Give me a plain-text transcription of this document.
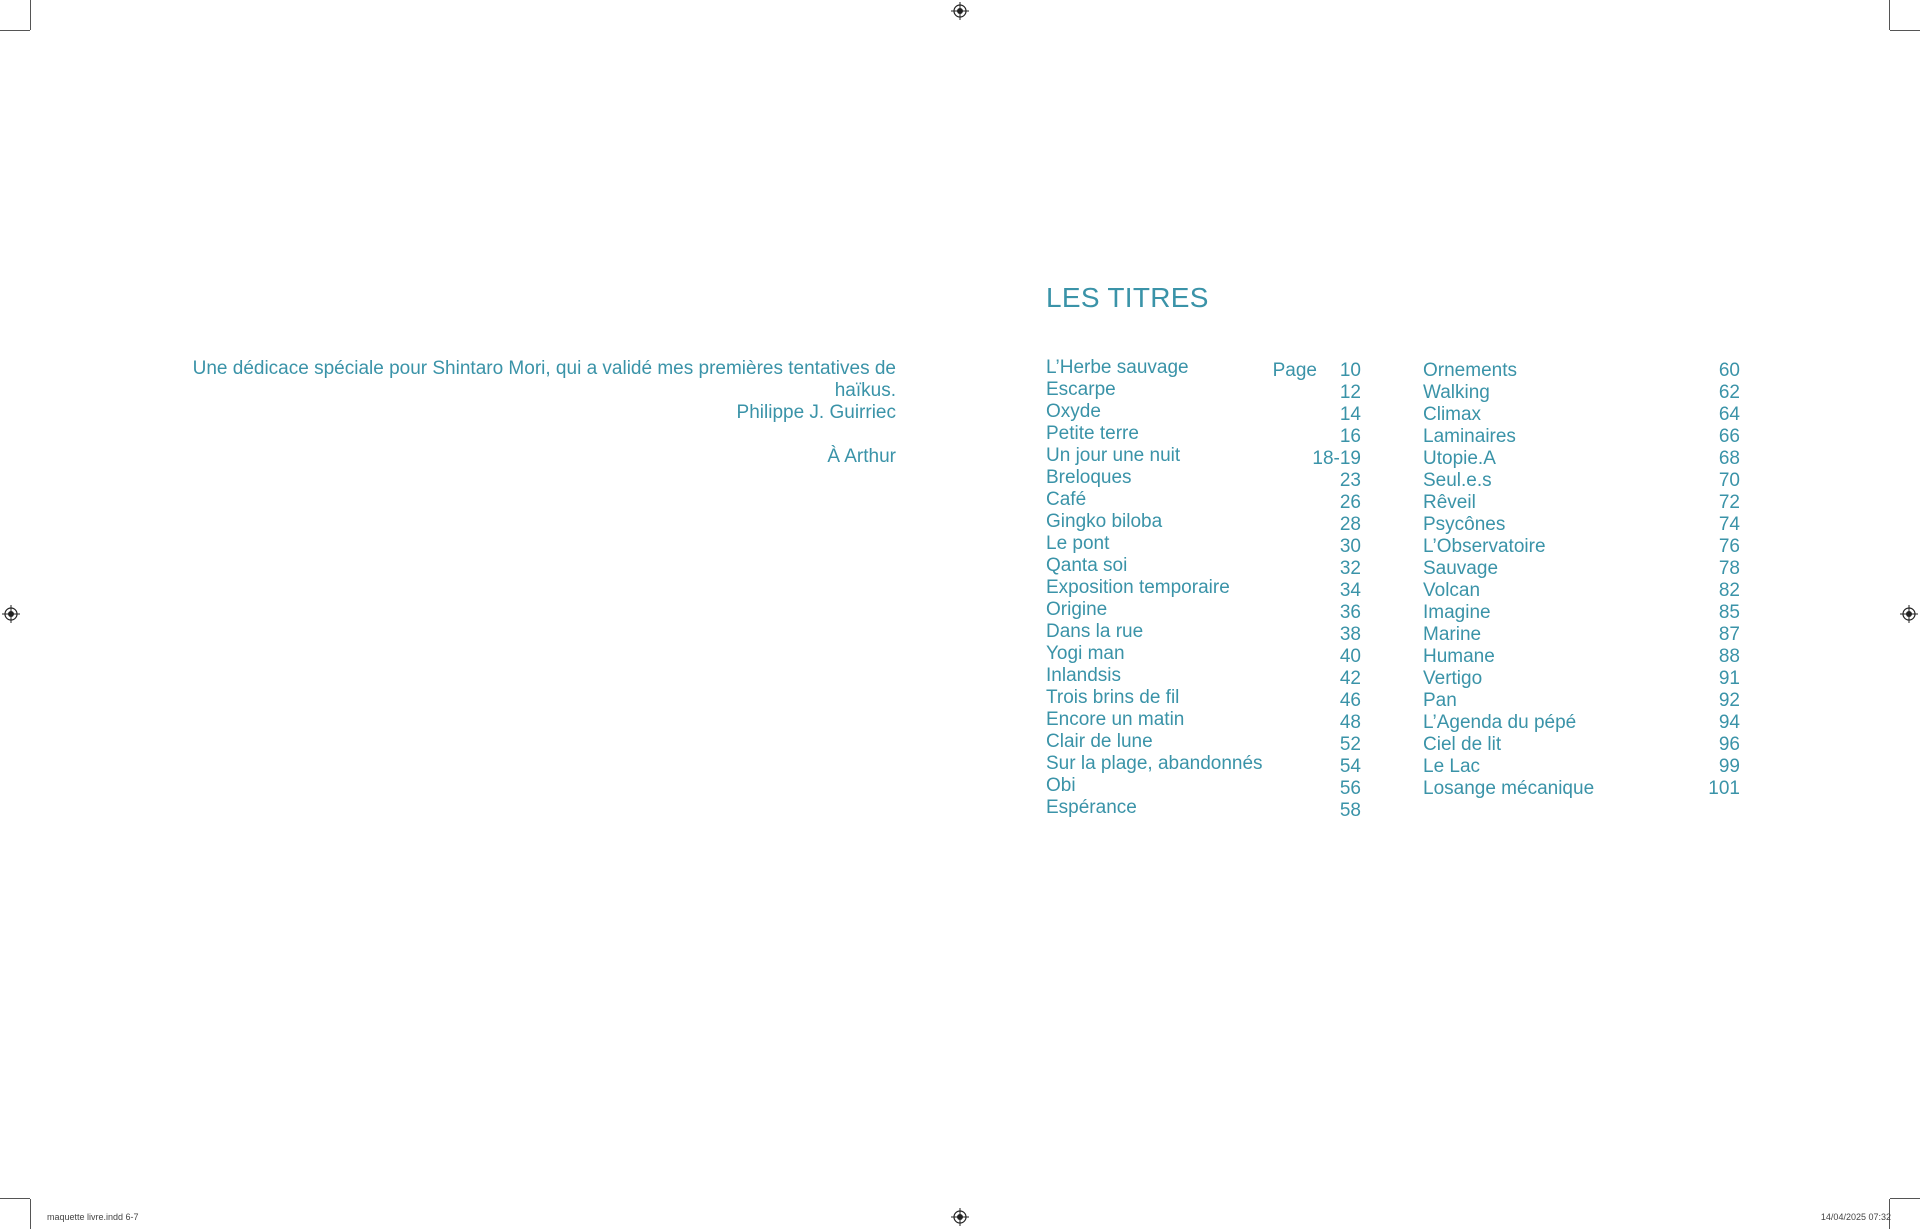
Une dédicace spéciale pour Shintaro Mori, qui a validé mes premières tentatives de haïkus.
Philippe J. Guirriec
À Arthur
LES TITRES
Page
L’Herbe sauvage	10
Escarpe	12
Oxyde	14
Petite terre	16
Un jour une nuit	18-19
Breloques	23
Café	26
Gingko biloba	28
Le pont	30
Qanta soi	32
Exposition temporaire	34
Origine	36
Dans la rue	38
Yogi man	40
Inlandsis	42
Trois brins de fil	46
Encore un matin	48
Clair de lune	52
Sur la plage, abandonnés	54
Obi	56
Espérance	58
Ornements	60
Walking	62
Climax	64
Laminaires	66
Utopie.A	68
Seul.e.s	70
Rêveil	72
Psycônes	74
L’Observatoire	76
Sauvage	78
Volcan	82
Imagine	85
Marine	87
Humane	88
Vertigo	91
Pan	92
L’Agenda du pépé	94
Ciel de lit	96
Le Lac	99
Losange mécanique	101
maquette livre.indd 6-7	14/04/2025 07:32
